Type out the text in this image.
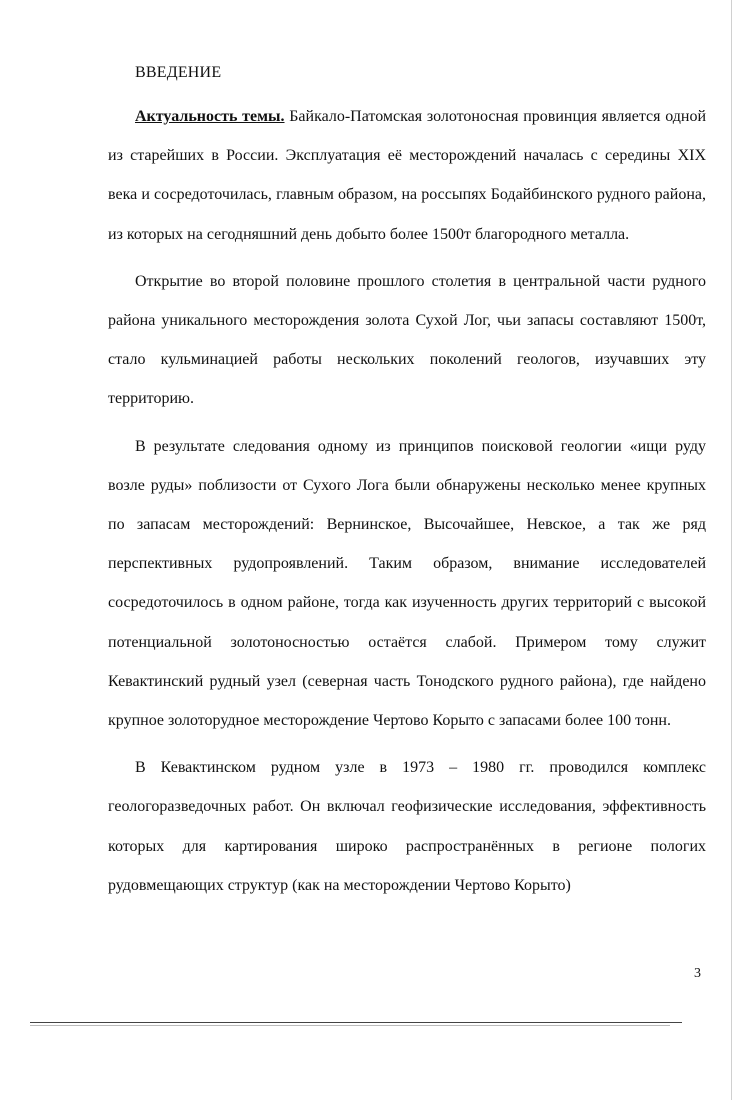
ВВЕДЕНИЕ

Актуальность темы. Байкало-Патомская золотоносная провинция является одной из старейших в России. Эксплуатация её месторождений началась с середины XIX века и сосредоточилась, главным образом, на россыпях Бодайбинского рудного района, из которых на сегодняшний день добыто более 1500т благородного металла.

Открытие во второй половине прошлого столетия в центральной части рудного района уникального месторождения золота Сухой Лог, чьи запасы составляют 1500т, стало кульминацией работы нескольких поколений геологов, изучавших эту территорию.

В результате следования одному из принципов поисковой геологии «ищи руду возле руды» поблизости от Сухого Лога были обнаружены несколько менее крупных по запасам месторождений: Вернинское, Высочайшее, Невское, а так же ряд перспективных рудопроявлений. Таким образом, внимание исследователей сосредоточилось в одном районе, тогда как изученность других территорий с высокой потенциальной золотоносностью остаётся слабой. Примером тому служит Кевактинский рудный узел (северная часть Тонодского рудного района), где найдено крупное золоторудное месторождение Чертово Корыто с запасами более 100 тонн.

В Кевактинском рудном узле в 1973 – 1980 гг. проводился комплекс геологоразведочных работ. Он включал геофизические исследования, эффективность которых для картирования широко распространённых в регионе пологих рудовмещающих структур (как на месторождении Чертово Корыто)

3
